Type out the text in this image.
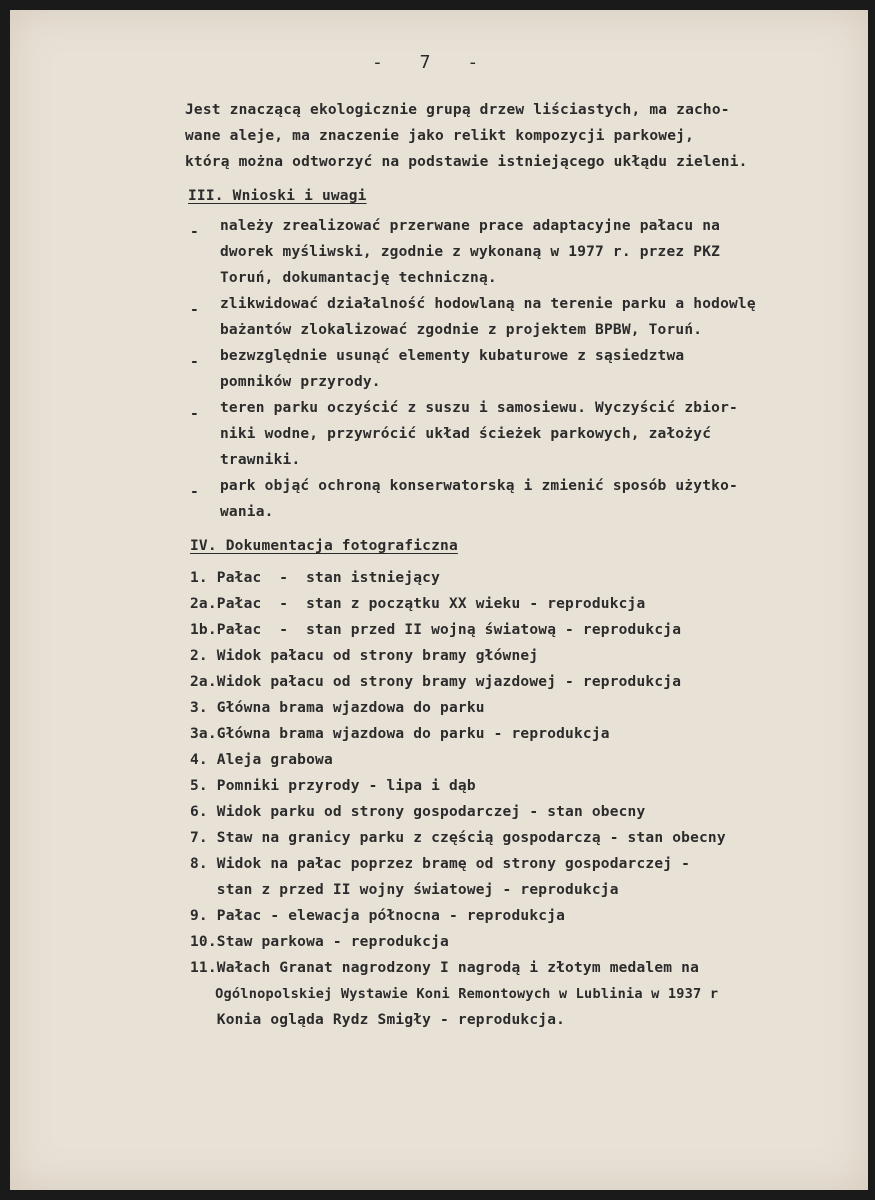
- 7 -
Jest znaczącą ekologicznie grupą drzew liściastych, ma zacho-
wane aleje, ma znaczenie jako relikt kompozycji parkowej,
którą można odtworzyć na podstawie istniejącego ukłądu zieleni.
III. Wnioski i uwagi
- należy zrealizować przerwane prace adaptacyjne pałacu na
dworek myśliwski, zgodnie z wykonaną w 1977 r. przez PKZ
Toruń, dokumantację techniczną.
- zlikwidować działalność hodowlaną na terenie parku a hodowlę
bażantów zlokalizować zgodnie z projektem BPBW, Toruń.
- bezwzględnie usunąć elementy kubaturowe z sąsiedztwa
pomników przyrody.
- teren parku oczyścić z suszu i samosiewu. Wyczyścić zbior-
niki wodne, przywrócić układ ścieżek parkowych, założyć
trawniki.
- park objąć ochroną konserwatorską i zmienić sposób użytko-
wania.
IV. Dokumentacja fotograficzna
1. Pałac  -  stan istniejący
2a.Pałac  -  stan z początku XX wieku - reprodukcja
1b.Pałac  -  stan przed II wojną światową - reprodukcja
2. Widok pałacu od strony bramy głównej
2a.Widok pałacu od strony bramy wjazdowej - reprodukcja
3. Główna brama wjazdowa do parku
3a.Główna brama wjazdowa do parku - reprodukcja
4. Aleja grabowa
5. Pomniki przyrody - lipa i dąb
6. Widok parku od strony gospodarczej - stan obecny
7. Staw na granicy parku z częścią gospodarczą - stan obecny
8. Widok na pałac poprzez bramę od strony gospodarczej -
stan z przed II wojny światowej - reprodukcja
9. Pałac - elewacja północna - reprodukcja
10.Staw parkowa - reprodukcja
11.Wałach Granat nagrodzony I nagrodą i złotym medalem na
Ogólnopolskiej Wystawie Koni Remontowych w Lublinia w 1937 r
Konia ogląda Rydz Smigły - reprodukcja.
